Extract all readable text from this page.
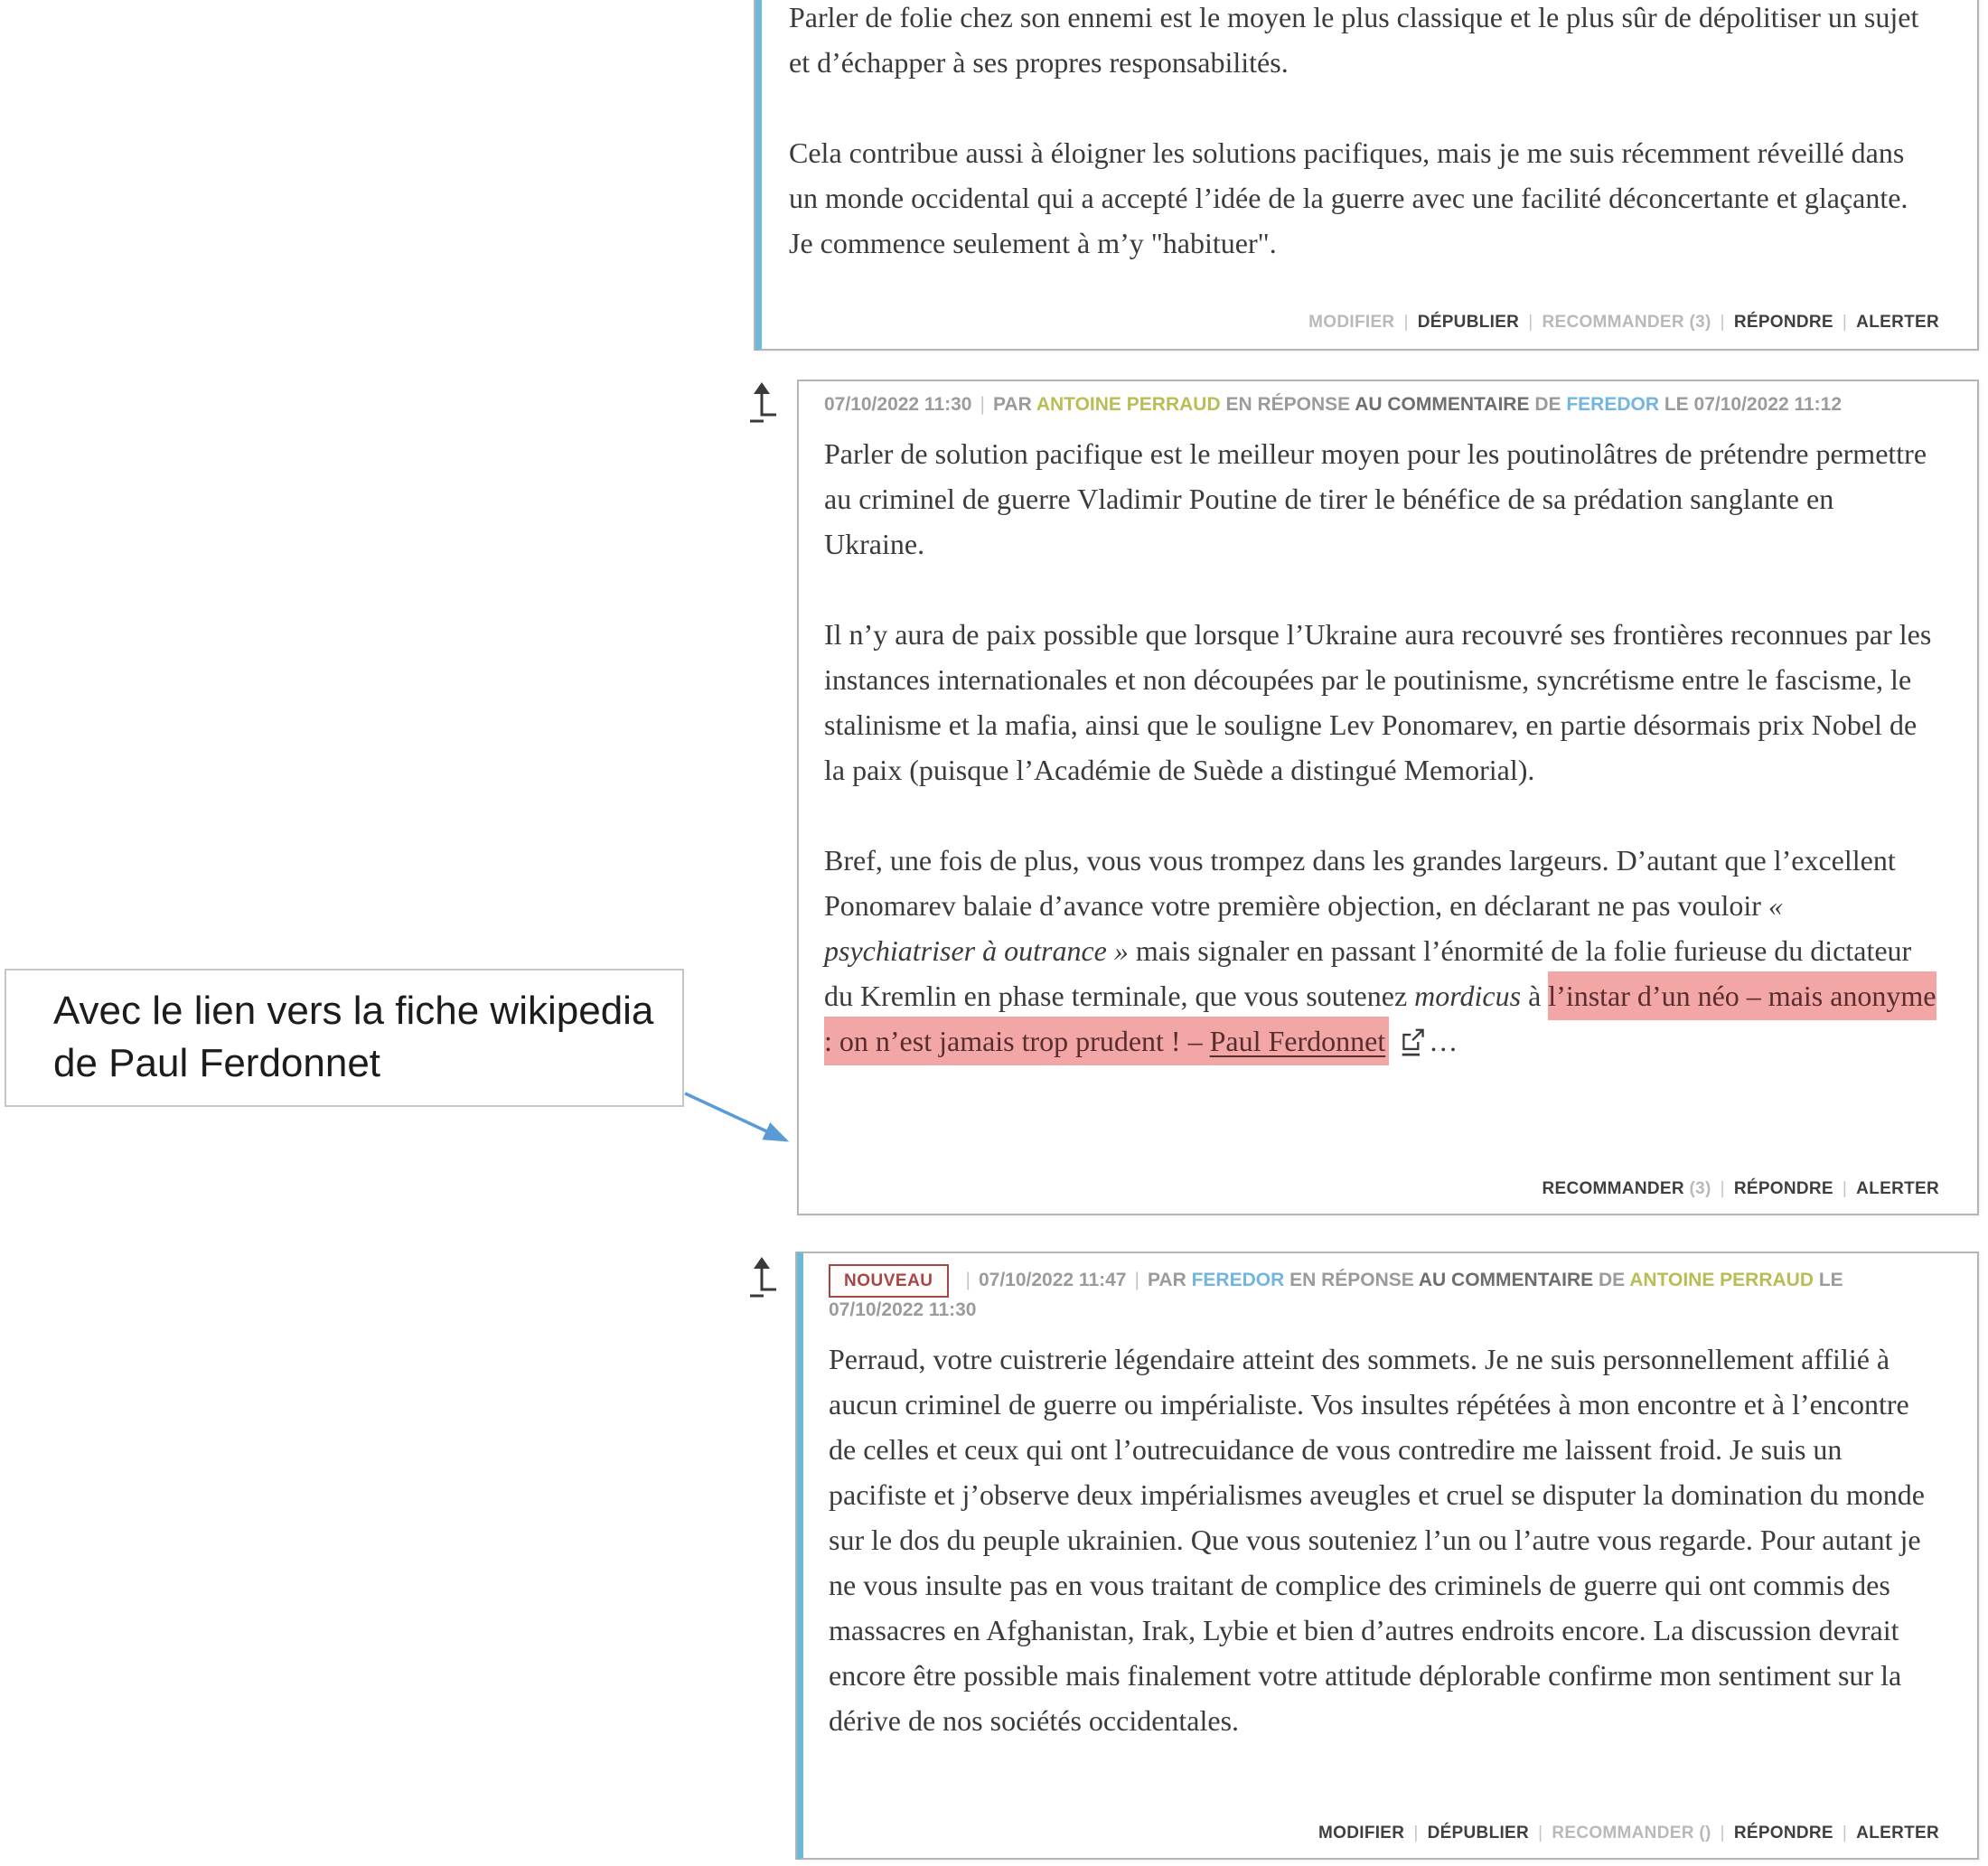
Parler de folie chez son ennemi est le moyen le plus classique et le plus sûr de dépolitiser un sujet et d’échapper à ses propres responsabilités.

Cela contribue aussi à éloigner les solutions pacifiques, mais je me suis récemment réveillé dans un monde occidental qui a accepté l’idée de la guerre avec une facilité déconcertante et glaçante. Je commence seulement à m’y "habituer".

MODIFIER | DÉPUBLIER | RECOMMANDER (3) | RÉPONDRE | ALERTER
07/10/2022 11:30 | PAR ANTOINE PERRAUD EN RÉPONSE AU COMMENTAIRE DE FEREDOR LE 07/10/2022 11:12

Parler de solution pacifique est le meilleur moyen pour les poutinolâtres de prétendre permettre au criminel de guerre Vladimir Poutine de tirer le bénéfice de sa prédation sanglante en Ukraine.

Il n’y aura de paix possible que lorsque l’Ukraine aura recouvré ses frontières reconnues par les instances internationales et non découpées par le poutinisme, syncrétisme entre le fascisme, le stalinisme et la mafia, ainsi que le souligne Lev Ponomarev, en partie désormais prix Nobel de la paix (puisque l’Académie de Suède a distingué Memorial).

Bref, une fois de plus, vous vous trompez dans les grandes largeurs. D’autant que l’excellent Ponomarev balaie d’avance votre première objection, en déclarant ne pas vouloir « psychiatriser à outrance » mais signaler en passant l’énormité de la folie furieuse du dictateur du Kremlin en phase terminale, que vous soutenez mordicus à l’instar d’un néo – mais anonyme : on n’est jamais trop prudent ! – Paul Ferdonnet …

RECOMMANDER (3) | RÉPONDRE | ALERTER
NOUVEAU | 07/10/2022 11:47 | PAR FEREDOR EN RÉPONSE AU COMMENTAIRE DE ANTOINE PERRAUD LE 07/10/2022 11:30

Perraud, votre cuistrerie légendaire atteint des sommets. Je ne suis personnellement affilié à aucun criminel de guerre ou impérialiste. Vos insultes répétées à mon encontre et à l’encontre de celles et ceux qui ont l’outrecuidance de vous contredire me laissent froid. Je suis un pacifiste et j’observe deux impérialismes aveugles et cruel se disputer la domination du monde sur le dos du peuple ukrainien. Que vous souteniez l’un ou l’autre vous regarde. Pour autant je ne vous insulte pas en vous traitant de complice des criminels de guerre qui ont commis des massacres en Afghanistan, Irak, Lybie et bien d’autres endroits encore. La discussion devrait encore être possible mais finalement votre attitude déplorable confirme mon sentiment sur la dérive de nos sociétés occidentales.

MODIFIER | DÉPUBLIER | RECOMMANDER () | RÉPONDRE | ALERTER
Avec le lien vers la fiche wikipedia de Paul Ferdonnet
